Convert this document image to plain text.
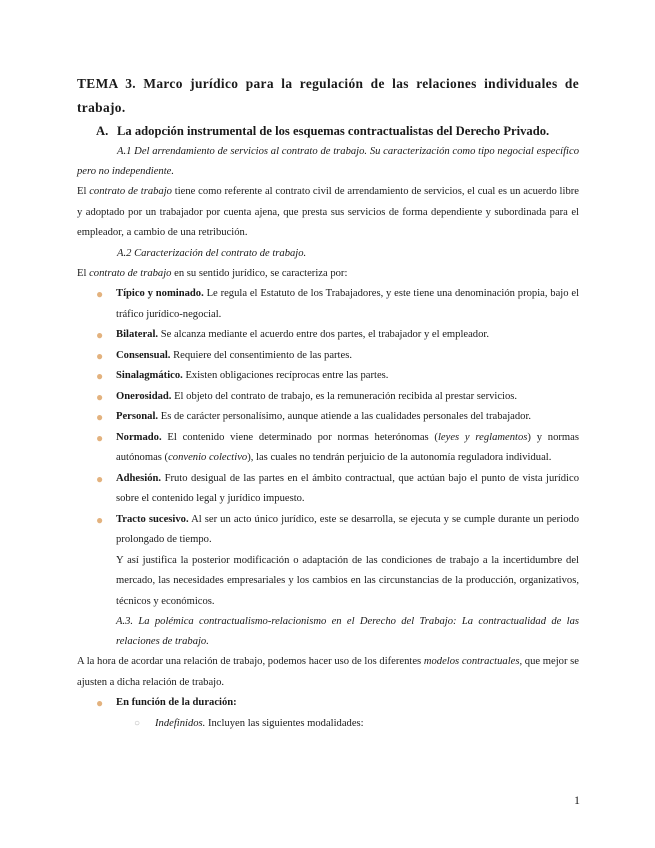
TEMA 3. Marco jurídico para la regulación de las relaciones individuales de trabajo.
A. La adopción instrumental de los esquemas contractualistas del Derecho Privado.

A.1 Del arrendamiento de servicios al contrato de trabajo. Su caracterización como tipo negocial específico pero no independiente.

El contrato de trabajo tiene como referente al contrato civil de arrendamiento de servicios, el cual es un acuerdo libre y adoptado por un trabajador por cuenta ajena, que presta sus servicios de forma dependiente y subordinada para el empleador, a cambio de una retribución.

A.2 Caracterización del contrato de trabajo.

El contrato de trabajo en su sentido jurídico, se caracteriza por:

● Típico y nominado. Le regula el Estatuto de los Trabajadores, y este tiene una denominación propia, bajo el tráfico jurídico-negocial.

● Bilateral. Se alcanza mediante el acuerdo entre dos partes, el trabajador y el empleador.

● Consensual. Requiere del consentimiento de las partes.

● Sinalagmático. Existen obligaciones recíprocas entre las partes.

● Onerosidad. El objeto del contrato de trabajo, es la remuneración recibida al prestar servicios.

● Personal. Es de carácter personalísimo, aunque atiende a las cualidades personales del trabajador.

● Normado. El contenido viene determinado por normas heterónomas (leyes y reglamentos) y normas autónomas (convenio colectivo), las cuales no tendrán perjuicio de la autonomía reguladora individual.

● Adhesión. Fruto desigual de las partes en el ámbito contractual, que actúan bajo el punto de vista jurídico sobre el contenido legal y jurídico impuesto.

● Tracto sucesivo. Al ser un acto único jurídico, este se desarrolla, se ejecuta y se cumple durante un periodo prolongado de tiempo.

Y así justifica la posterior modificación o adaptación de las condiciones de trabajo a la incertidumbre del mercado, las necesidades empresariales y los cambios en las circunstancias de la producción, organizativos, técnicos y económicos.

A.3. La polémica contractualismo-relacionismo en el Derecho del Trabajo: La contractualidad de las relaciones de trabajo.

A la hora de acordar una relación de trabajo, podemos hacer uso de los diferentes modelos contractuales, que mejor se ajusten a dicha relación de trabajo.

● En función de la duración:

○ Indefinidos. Incluyen las siguientes modalidades:

1
